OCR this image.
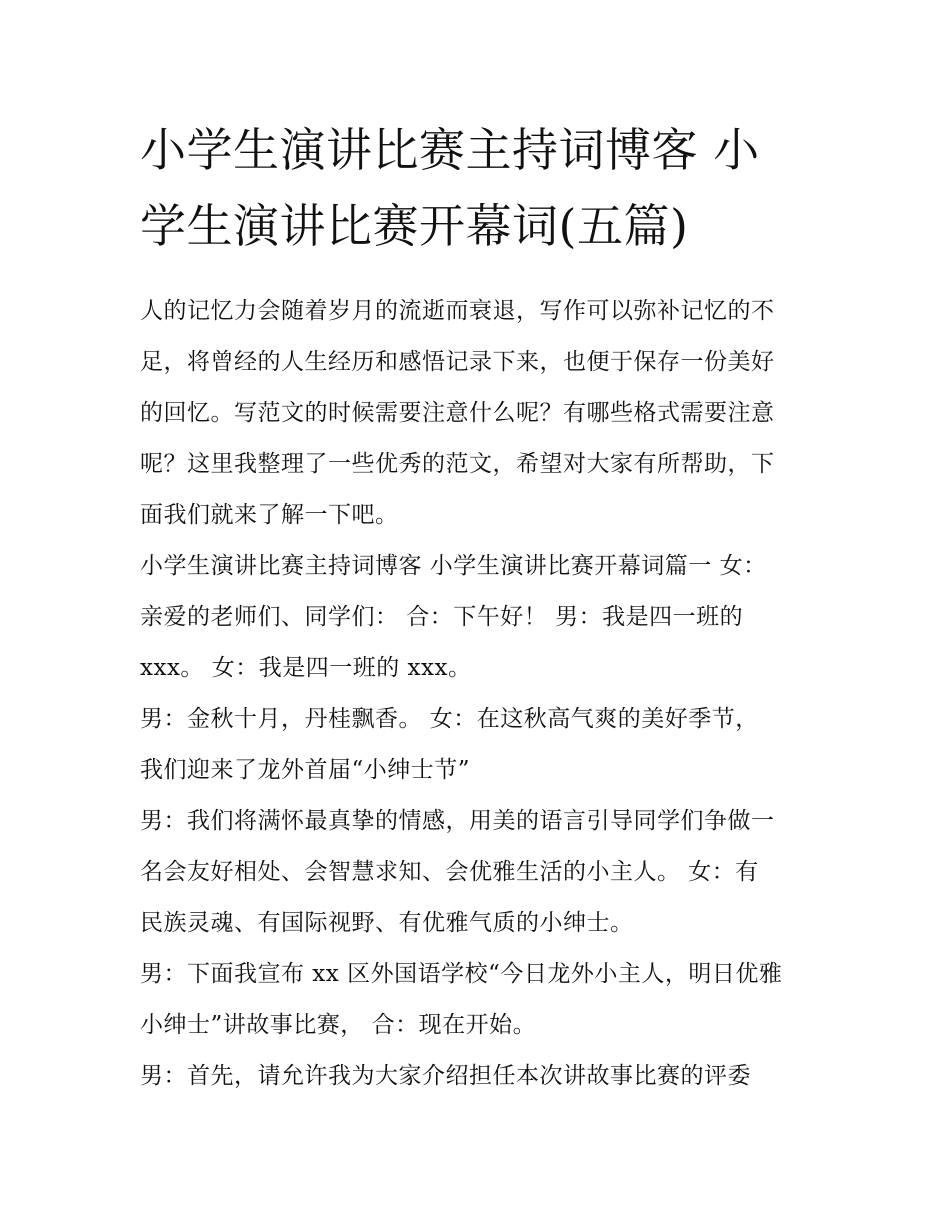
小学生演讲比赛主持词博客 小
学生演讲比赛开幕词(五篇)
人的记忆力会随着岁月的流逝而衰退，写作可以弥补记忆的不
足，将曾经的人生经历和感悟记录下来，也便于保存一份美好
的回忆。写范文的时候需要注意什么呢？有哪些格式需要注意
呢？这里我整理了一些优秀的范文，希望对大家有所帮助，下
面我们就来了解一下吧。
小学生演讲比赛主持词博客 小学生演讲比赛开幕词篇一 女：
亲爱的老师们、同学们： 合：下午好！ 男：我是四一班的
xxx。 女：我是四一班的 xxx。
男：金秋十月，丹桂飘香。 女：在这秋高气爽的美好季节，
我们迎来了龙外首届“小绅士节”
男：我们将满怀最真挚的情感，用美的语言引导同学们争做一
名会友好相处、会智慧求知、会优雅生活的小主人。 女：有
民族灵魂、有国际视野、有优雅气质的小绅士。
男：下面我宣布 xx 区外国语学校“今日龙外小主人，明日优雅
小绅士”讲故事比赛， 合：现在开始。
男：首先，请允许我为大家介绍担任本次讲故事比赛的评委
